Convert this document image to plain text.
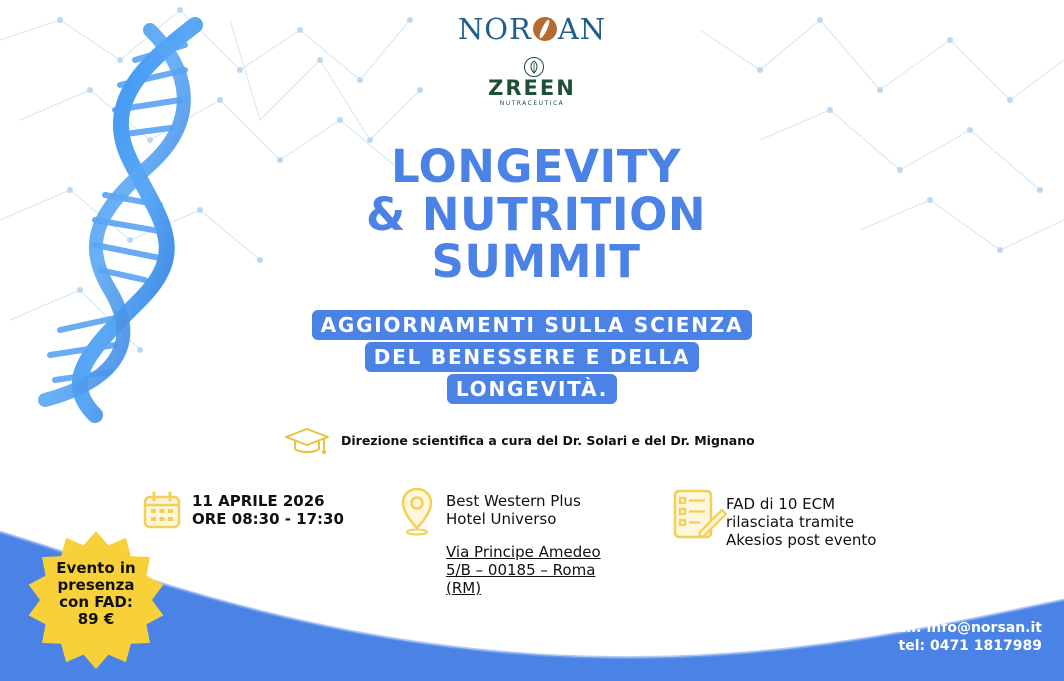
NOR AN
ZREEN
NUTRACEUTICA
LONGEVITY
& NUTRITION
SUMMIT
AGGIORNAMENTI SULLA SCIENZA
DEL BENESSERE E DELLA
LONGEVITÀ.
Direzione scientifica a cura del Dr. Solari e del Dr. Mignano
11 APRILE 2026
ORE 08:30 - 17:30
Best Western Plus
Hotel Universo
Via Principe Amedeo
5/B – 00185 – Roma
(RM)
FAD di 10 ECM
rilasciata tramite
Akesios post evento
Evento in
presenza
con FAD:
89 €	email: info@norsan.it
tel: 0471 1817989
